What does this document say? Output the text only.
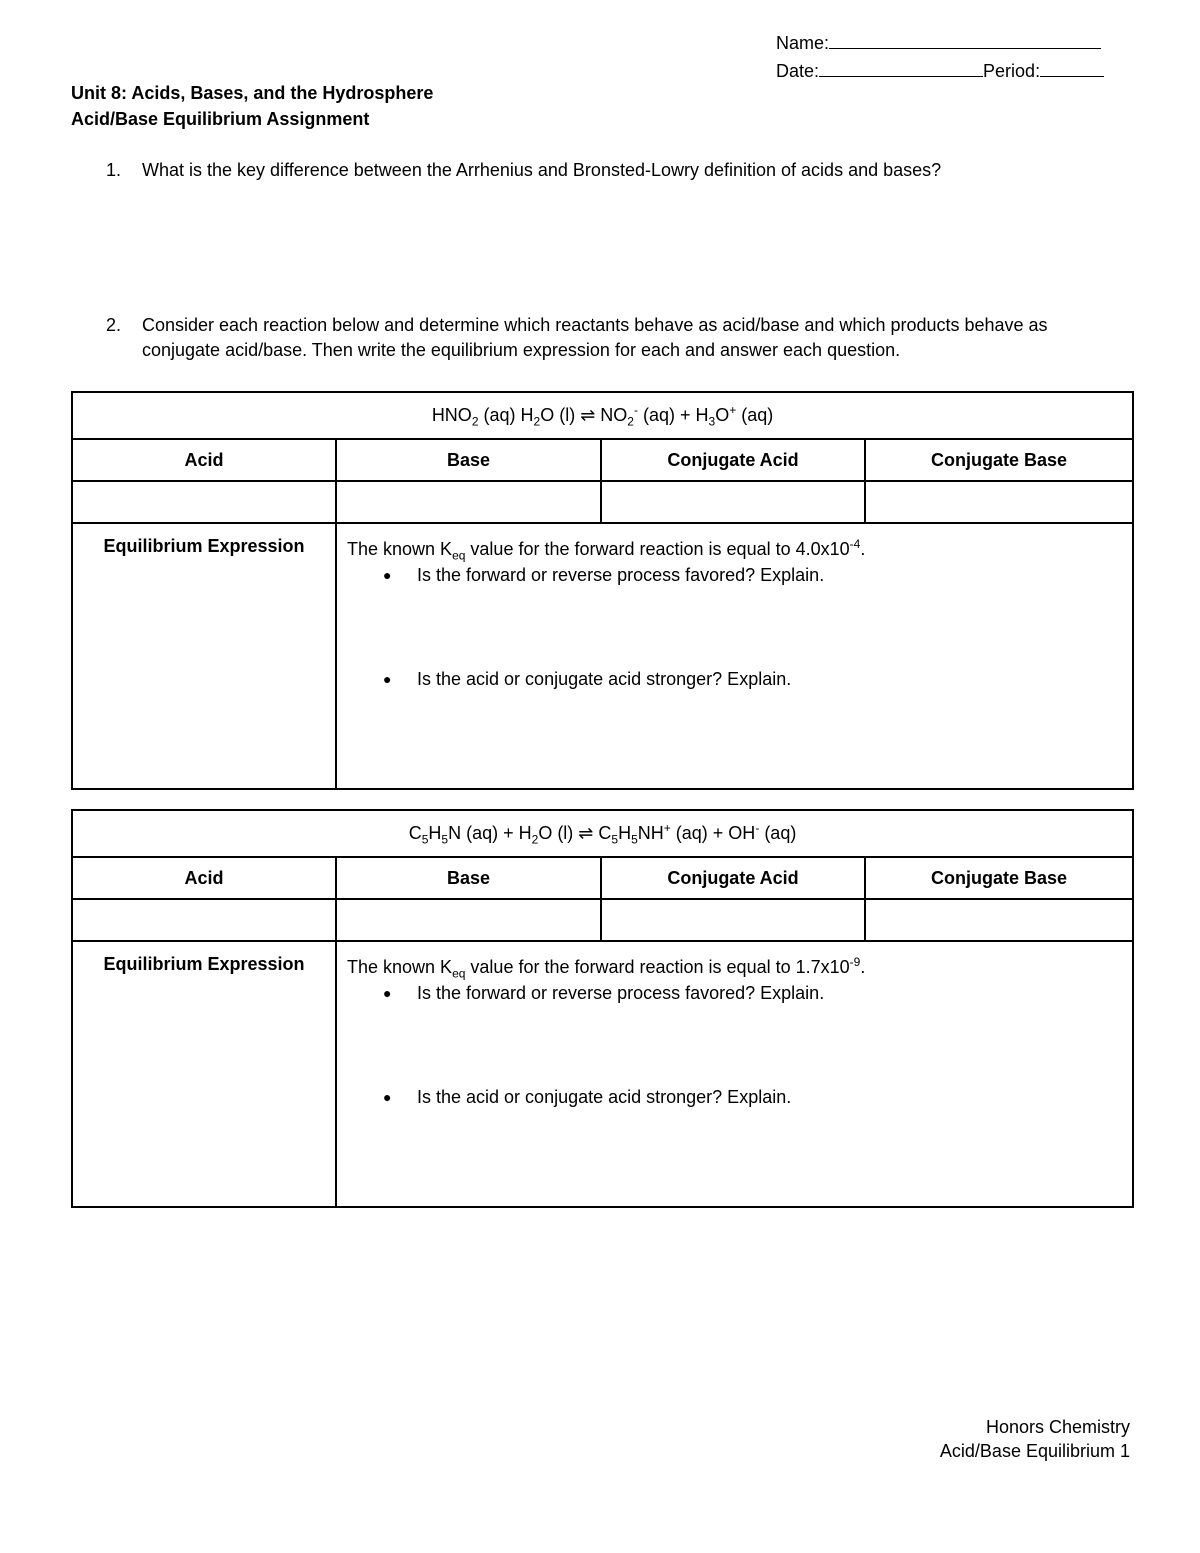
Name:
Date:	Period:
Unit 8: Acids, Bases, and the Hydrosphere
Acid/Base Equilibrium Assignment
1. What is the key difference between the Arrhenius and Bronsted-Lowry definition of acids and bases?
2. Consider each reaction below and determine which reactants behave as acid/base and which products behave as
conjugate acid/base. Then write the equilibrium expression for each and answer each question.
$HNO_2$ (aq) $H_2O$ (l) ⇌ $NO_2^-$ $(aq) + H_3O^+$ (aq)			
Acid	Base	Conjugate Acid	Conjugate Base

Equilibrium Expression	The known $K_{eq}$ value for the forward reaction is equal to $4.0x10^{-4}$.
● Is the forward or reverse process favored? Explain.
● Is the acid or conjugate acid stronger? Explain.		
$C_5H_5N$ $(aq) + H_2O$ (l) ⇌ $C_5H_5NH^+$ (aq) + OH- (aq)			
Acid	Base	Conjugate Acid	Conjugate Base

Equilibrium Expression	The known $K_{eq}$ value for the forward reaction is equal to $1.7x10^{-9}$.
● Is the forward or reverse process favored? Explain.
● Is the acid or conjugate acid stronger? Explain.		
Honors Chemistry
Acid/Base Equilibrium 1
